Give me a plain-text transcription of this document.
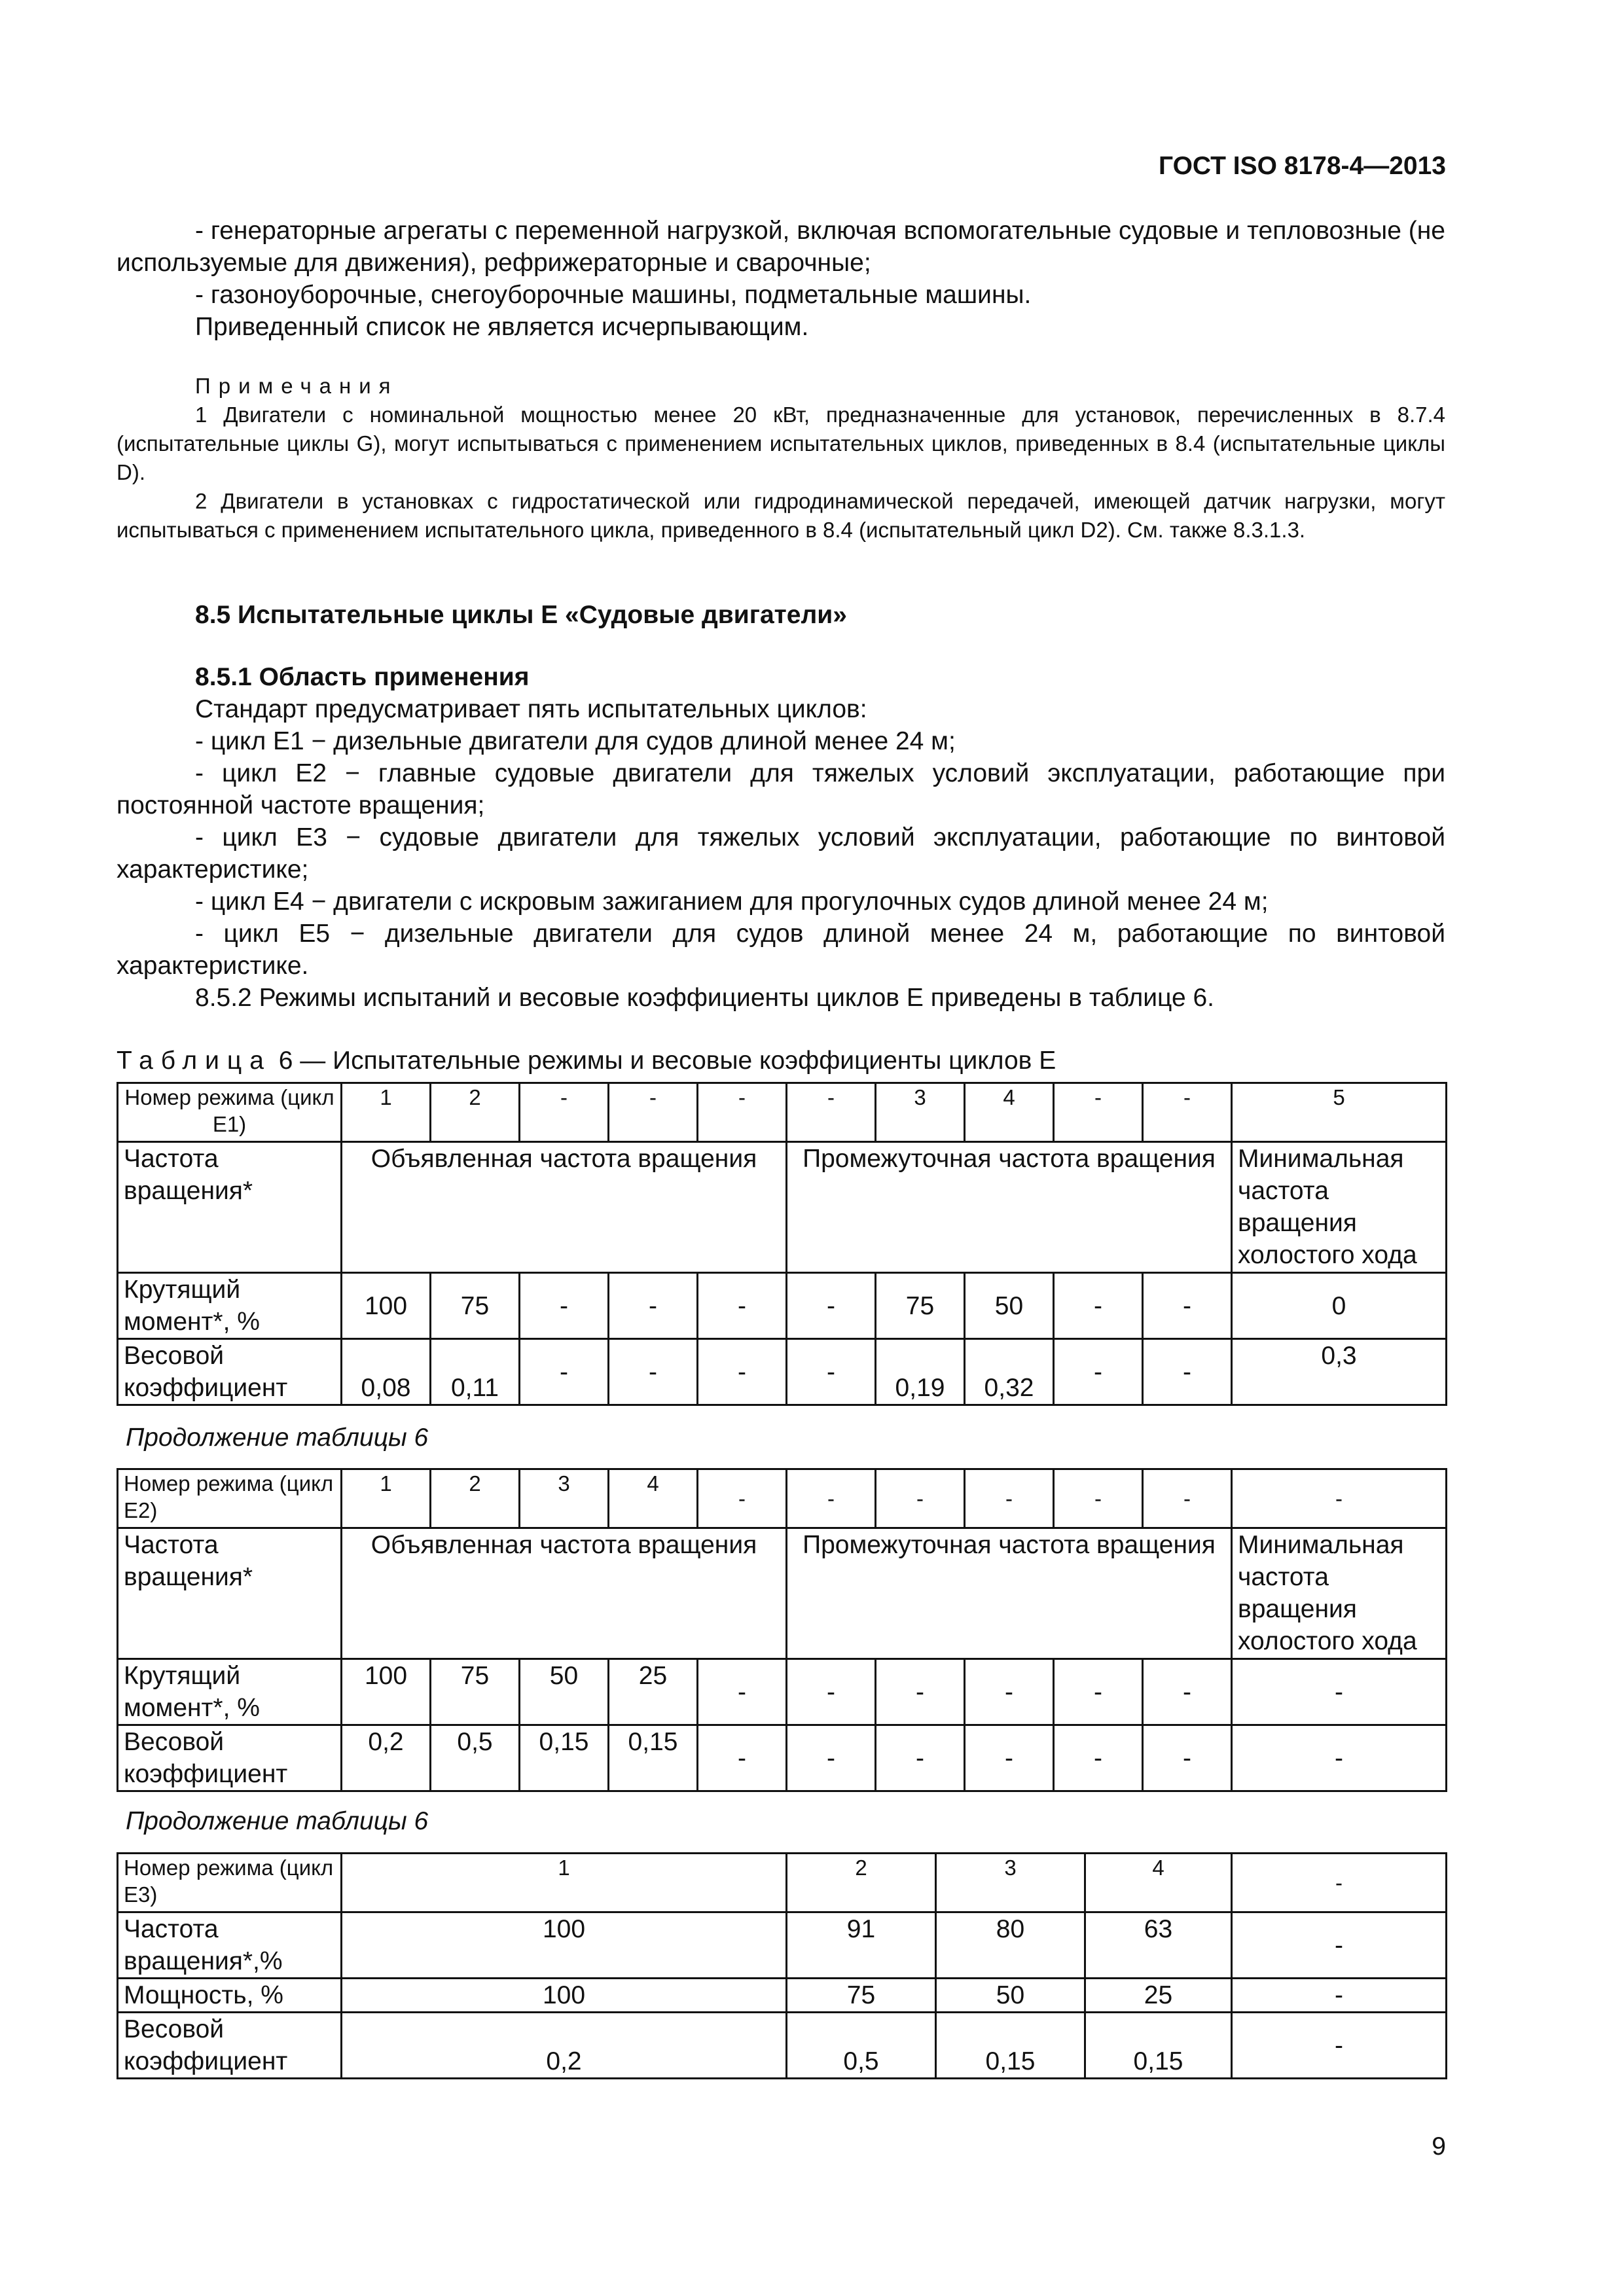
ГОСТ ISO 8178-4—2013

- генераторные агрегаты с переменной нагрузкой, включая вспомогательные судовые и тепловозные (не используемые для движения), рефрижераторные и сварочные;

- газоноуборочные, снегоуборочные машины, подметальные машины.

Приведенный список не является исчерпывающим.

Примечания

1 Двигатели с номинальной мощностью менее 20 кВт, предназначенные для установок, перечисленных в 8.7.4 (испытательные циклы G), могут испытываться с применением испытательных циклов, приведенных в 8.4 (испытательные циклы D).

2 Двигатели в установках с гидростатической или гидродинамической передачей, имеющей датчик нагрузки, могут испытываться с применением испытательного цикла, приведенного в 8.4 (испытательный цикл D2). См. также 8.3.1.3.

8.5 Испытательные циклы Е «Судовые двигатели»

8.5.1 Область применения

Стандарт предусматривает пять испытательных циклов:

- цикл Е1 − дизельные двигатели для судов длиной менее 24 м;

- цикл Е2 − главные судовые двигатели для тяжелых условий эксплуатации, работающие при постоянной частоте вращения;

- цикл Е3 − судовые двигатели для тяжелых условий эксплуатации, работающие по винтовой характеристике;

- цикл Е4 − двигатели с искровым зажиганием для прогулочных судов длиной менее 24 м;

- цикл Е5 − дизельные двигатели для судов длиной менее 24 м, работающие по винтовой характеристике.

8.5.2 Режимы испытаний и весовые коэффициенты циклов Е приведены в таблице 6.

Таблица 6 — Испытательные режимы и весовые коэффициенты циклов Е

Номер режима (цикл Е1)	1	2	-	-	-	-	3	4	-	-	5
Частота вращения*	Объявленная частота вращения					Промежуточная частота вращения					Минимальная частота вращения холостого хода
Крутящий момент*, %	100	75	-	-	-	-	75	50	-	-	0
Весовой коэффициент	0,08	0,11	-	-	-	-	0,19	0,32	-	-	0,3

Продолжение таблицы 6

Номер режима (цикл Е2)	1	2	3	4	-	-	-	-	-	-	-
Частота вращения*	Объявленная частота вращения					Промежуточная частота вращения					Минимальная частота вращения холостого хода
Крутящий момент*, %	100	75	50	25	-	-	-	-	-	-	-
Весовой коэффициент	0,2	0,5	0,15	0,15	-	-	-	-	-	-	-

Продолжение таблицы 6

Номер режима (цикл Е3)	1	2	3	4	-
Частота вращения*,%	100	91	80	63	-
Мощность, %	100	75	50	25	-
Весовой коэффициент	0,2	0,5	0,15	0,15	-
9
